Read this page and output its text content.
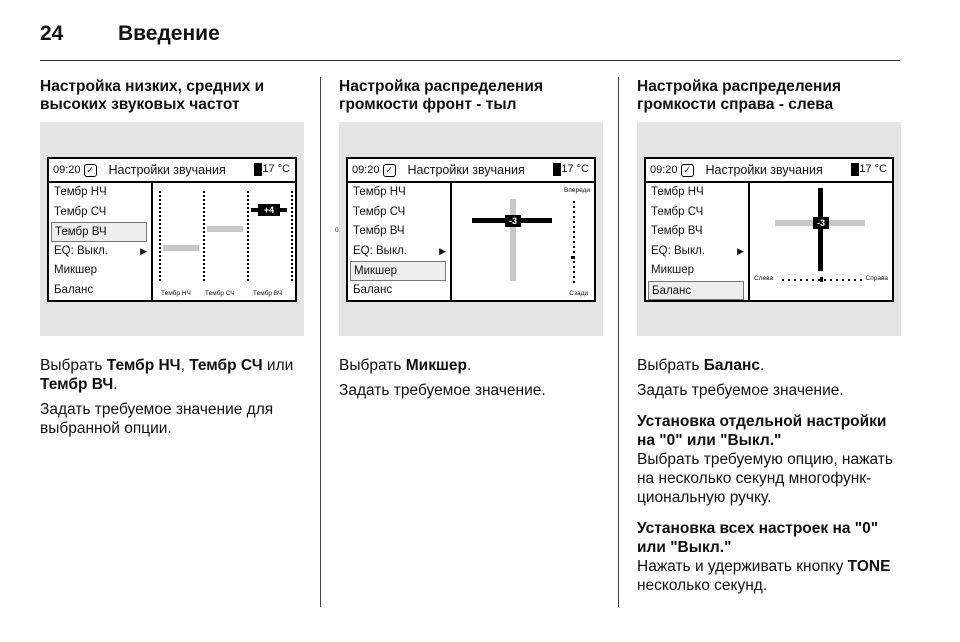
24	Введение
Настройка низких, средних и высоких звуковых частот
09:20 ✓ Настройки звучания	17 °C
Тембр НЧ
Тембр СЧ
Тембр ВЧ
EQ: Выкл.	▶
Микшер
Баланс
0
+4
Тембр НЧ Тембр СЧ	Тембр ВЧ

Выбрать Тембр НЧ, Тембр СЧ или Тембр ВЧ.

Задать требуемое значение для выбранной опции.

Настройка распределения громкости фронт - тыл
09:20 ✓ Настройки звучания	17 °C
Тембр НЧ
Тембр СЧ
Тембр ВЧ
EQ: Выкл.	▶
Микшер
Баланс
-3
Впереди
Сзади

Выбрать Микшер.

Задать требуемое значение.

Настройка распределения громкости справа - слева
09:20 ✓ Настройки звучания	17 °C
Тембр НЧ
Тембр СЧ
Тембр ВЧ
EQ: Выкл.	▶
Микшер
Баланс
-3
Слева	Справа

Выбрать Баланс.

Задать требуемое значение.

Установка отдельной настройки на "0" или "Выкл."

Выбрать требуемую опцию, нажать на несколько секунд многофунк-циональную ручку.

Установка всех настроек на "0" или "Выкл."

Нажать и удерживать кнопку TONE несколько секунд.
